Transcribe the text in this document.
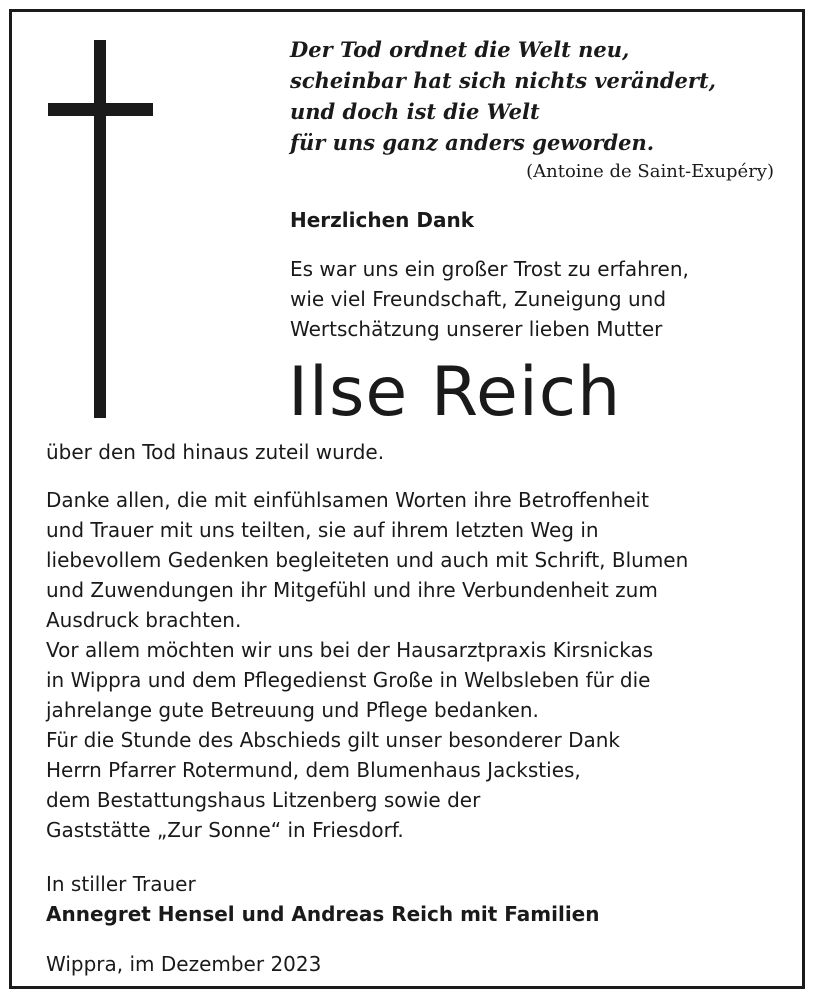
Der Tod ordnet die Welt neu,
scheinbar hat sich nichts verändert,
und doch ist die Welt
für uns ganz anders geworden.
(Antoine de Saint-Exupéry)
Herzlichen Dank
Es war uns ein großer Trost zu erfahren,
wie viel Freundschaft, Zuneigung und
Wertschätzung unserer lieben Mutter
Ilse Reich
über den Tod hinaus zuteil wurde.
Danke allen, die mit einfühlsamen Worten ihre Betroffenheit
und Trauer mit uns teilten, sie auf ihrem letzten Weg in
liebevollem Gedenken begleiteten und auch mit Schrift, Blumen
und Zuwendungen ihr Mitgefühl und ihre Verbundenheit zum
Ausdruck brachten.
Vor allem möchten wir uns bei der Hausarztpraxis Kirsnickas
in Wippra und dem Pflegedienst Große in Welbsleben für die
jahrelange gute Betreuung und Pflege bedanken.
Für die Stunde des Abschieds gilt unser besonderer Dank
Herrn Pfarrer Rotermund, dem Blumenhaus Jacksties,
dem Bestattungshaus Litzenberg sowie der
Gaststätte „Zur Sonne“ in Friesdorf.
In stiller Trauer
Annegret Hensel und Andreas Reich mit Familien
Wippra, im Dezember 2023
